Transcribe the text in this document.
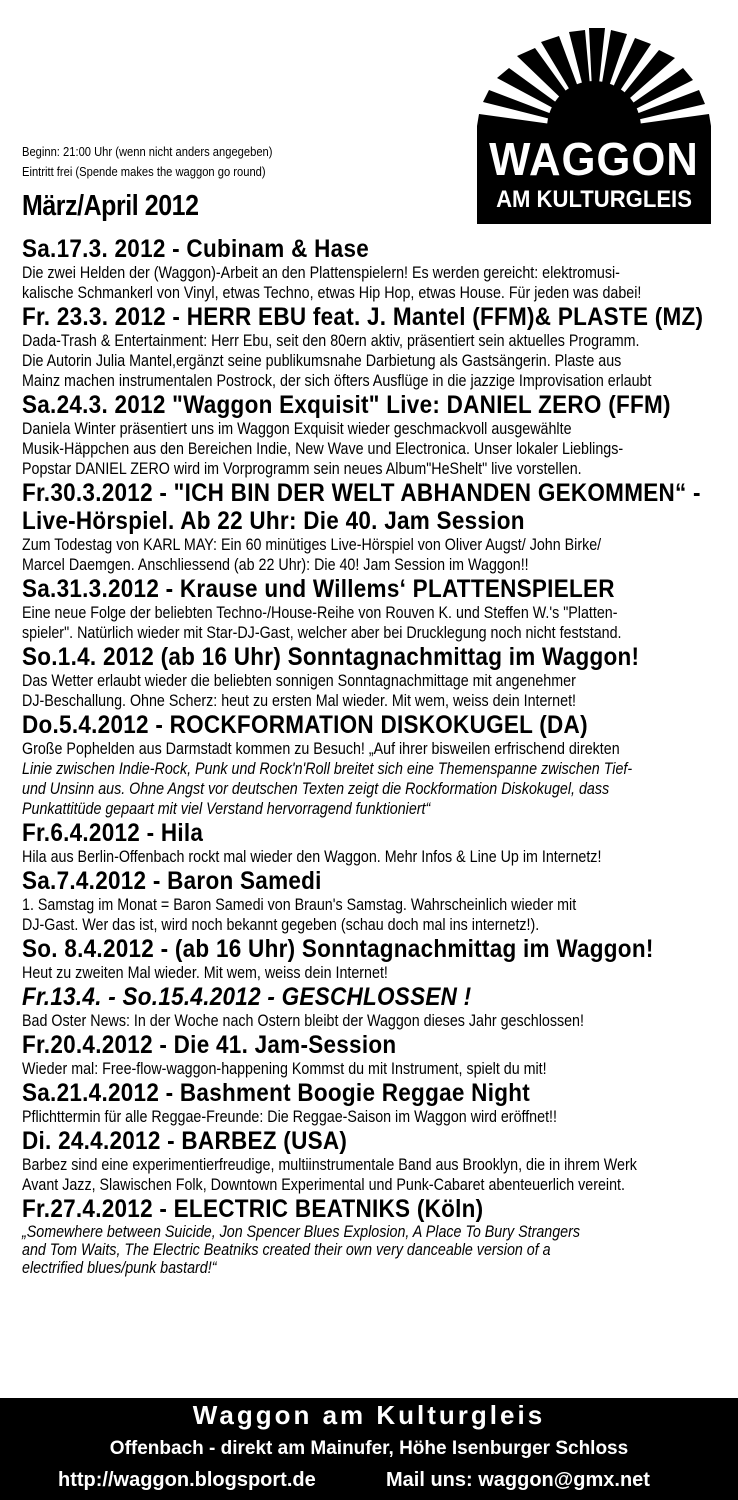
Beginn: 21:00 Uhr (wenn nicht anders angegeben)
Eintritt frei (Spende makes the waggon go round)
März/April 2012
WAGGON
AM KULTURGLEIS
Sa.17.3. 2012 - Cubinam & Hase

Die zwei Helden der (Waggon)-Arbeit an den Plattenspielern! Es werden gereicht: elektromusi-

kalische Schmankerl von Vinyl, etwas Techno, etwas Hip Hop, etwas House. Für jeden was dabei!

Fr. 23.3. 2012 - HERR EBU feat. J. Mantel (FFM)& PLASTE (MZ)

Dada-Trash & Entertainment: Herr Ebu, seit den 80ern aktiv, präsentiert sein aktuelles Programm.

Die Autorin Julia Mantel,ergänzt seine publikumsnahe Darbietung als Gastsängerin. Plaste aus

Mainz machen instrumentalen Postrock, der sich öfters Ausflüge in die jazzige Improvisation erlaubt

Sa.24.3. 2012 "Waggon Exquisit" Live: DANIEL ZERO (FFM)

Daniela Winter präsentiert uns im Waggon Exquisit wieder geschmackvoll ausgewählte

Musik-Häppchen aus den Bereichen Indie, New Wave und Electronica. Unser lokaler Lieblings-

Popstar DANIEL ZERO wird im Vorprogramm sein neues Album"HeShelt" live vorstellen.

Fr.30.3.2012 - "ICH BIN DER WELT ABHANDEN GEKOMMEN“ -
Live-Hörspiel. Ab 22 Uhr: Die 40. Jam Session

Zum Todestag von KARL MAY: Ein 60 minütiges Live-Hörspiel von Oliver Augst/ John Birke/

Marcel Daemgen. Anschliessend (ab 22 Uhr): Die 40! Jam Session im Waggon!!

Sa.31.3.2012 - Krause und Willems‘ PLATTENSPIELER

Eine neue Folge der beliebten Techno-/House-Reihe von Rouven K. und Steffen W.'s "Platten-

spieler". Natürlich wieder mit Star-DJ-Gast, welcher aber bei Drucklegung noch nicht feststand.

So.1.4. 2012 (ab 16 Uhr) Sonntagnachmittag im Waggon!

Das Wetter erlaubt wieder die beliebten sonnigen Sonntagnachmittage mit angenehmer

DJ-Beschallung. Ohne Scherz: heut zu ersten Mal wieder. Mit wem, weiss dein Internet!

Do.5.4.2012 - ROCKFORMATION DISKOKUGEL (DA)

Große Pophelden aus Darmstadt kommen zu Besuch! „Auf ihrer bisweilen erfrischend direkten

Linie zwischen Indie-Rock, Punk und Rock'n'Roll breitet sich eine Themenspanne zwischen Tief-

und Unsinn aus. Ohne Angst vor deutschen Texten zeigt die Rockformation Diskokugel, dass

Punkattitüde gepaart mit viel Verstand hervorragend funktioniert“

Fr.6.4.2012 - Hila

Hila aus Berlin-Offenbach rockt mal wieder den Waggon. Mehr Infos & Line Up im Internetz!

Sa.7.4.2012 - Baron Samedi

1. Samstag im Monat = Baron Samedi von Braun's Samstag. Wahrscheinlich wieder mit

DJ-Gast. Wer das ist, wird noch bekannt gegeben (schau doch mal ins internetz!).

So. 8.4.2012 - (ab 16 Uhr) Sonntagnachmittag im Waggon!

Heut zu zweiten Mal wieder. Mit wem, weiss dein Internet!

Fr.13.4. - So.15.4.2012 - GESCHLOSSEN !

Bad Oster News: In der Woche nach Ostern bleibt der Waggon dieses Jahr geschlossen!

Fr.20.4.2012 - Die 41. Jam-Session

Wieder mal: Free-flow-waggon-happening Kommst du mit Instrument, spielt du mit!

Sa.21.4.2012 - Bashment Boogie Reggae Night

Pflichttermin für alle Reggae-Freunde: Die Reggae-Saison im Waggon wird eröffnet!!

Di. 24.4.2012 - BARBEZ (USA)

Barbez sind eine experimentierfreudige, multiinstrumentale Band aus Brooklyn, die in ihrem Werk

Avant Jazz, Slawischen Folk, Downtown Experimental und Punk-Cabaret abenteuerlich vereint.

Fr.27.4.2012 - ELECTRIC BEATNIKS (Köln)

„Somewhere between Suicide, Jon Spencer Blues Explosion, A Place To Bury Strangers

and Tom Waits, The Electric Beatniks created their own very danceable version of a

electrified blues/punk bastard!“

Waggon am Kulturgleis
Offenbach - direkt am Mainufer, Höhe Isenburger Schloss
http://waggon.blogsport.de	Mail uns: waggon@gmx.net
